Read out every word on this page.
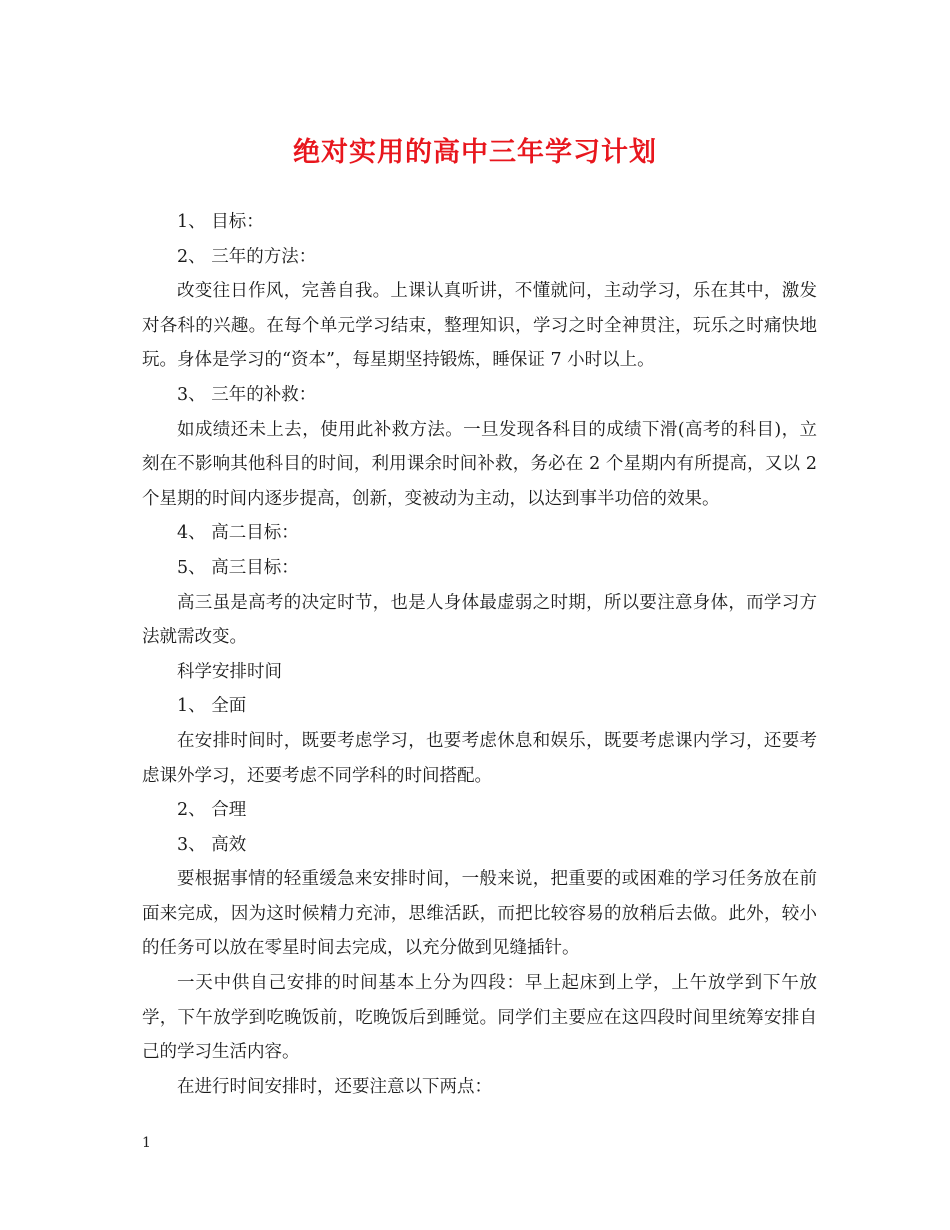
绝对实用的高中三年学习计划

1、 目标：

2、 三年的方法：

改变往日作风，完善自我。上课认真听讲，不懂就问，主动学习，乐在其中，激发对各科的兴趣。在每个单元学习结束，整理知识，学习之时全神贯注，玩乐之时痛快地玩。身体是学习的“资本”，每星期坚持锻炼，睡保证 7 小时以上。

3、 三年的补救：

如成绩还未上去，使用此补救方法。一旦发现各科目的成绩下滑(高考的科目)，立刻在不影响其他科目的时间，利用课余时间补救，务必在 2 个星期内有所提高，又以 2 个星期的时间内逐步提高，创新，变被动为主动，以达到事半功倍的效果。

4、 高二目标：

5、 高三目标：

高三虽是高考的决定时节，也是人身体最虚弱之时期，所以要注意身体，而学习方法就需改变。

科学安排时间

1、 全面

在安排时间时，既要考虑学习，也要考虑休息和娱乐，既要考虑课内学习，还要考虑课外学习，还要考虑不同学科的时间搭配。

2、 合理

3、 高效

要根据事情的轻重缓急来安排时间，一般来说，把重要的或困难的学习任务放在前面来完成，因为这时候精力充沛，思维活跃，而把比较容易的放稍后去做。此外，较小的任务可以放在零星时间去完成，以充分做到见缝插针。

一天中供自己安排的时间基本上分为四段：早上起床到上学，上午放学到下午放学，下午放学到吃晚饭前，吃晚饭后到睡觉。同学们主要应在这四段时间里统筹安排自己的学习生活内容。

在进行时间安排时，还要注意以下两点：

1
